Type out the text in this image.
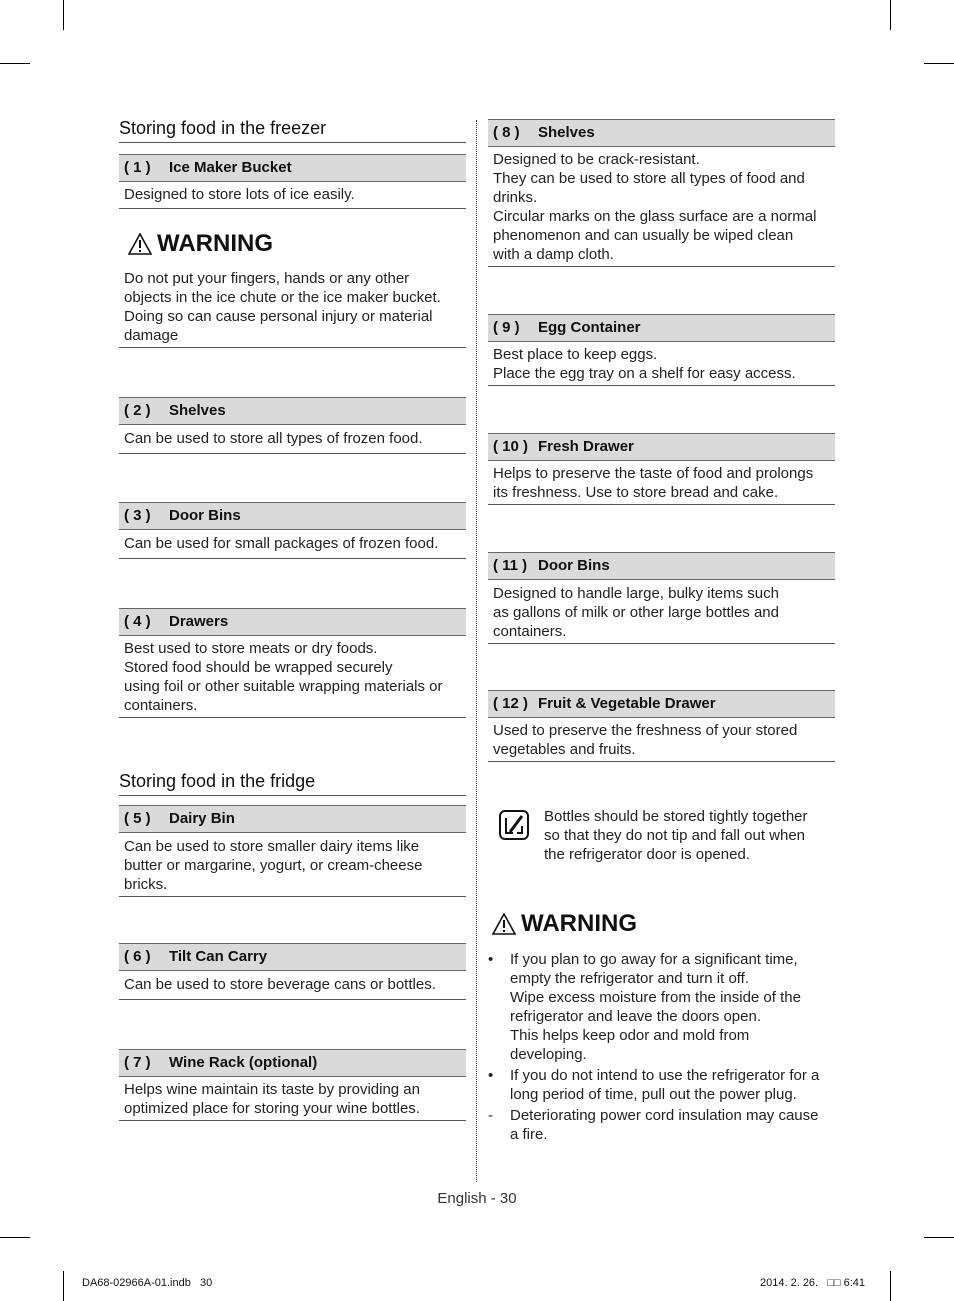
Storing food in the freezer
( 1 )	Ice Maker Bucket
Designed to store lots of ice easily.
WARNING
Do not put your fingers, hands or any other
objects in the ice chute or the ice maker bucket.
Doing so can cause personal injury or material
damage
( 2 )	Shelves
Can be used to store all types of frozen food.
( 3 )	Door Bins
Can be used for small packages of frozen food.
( 4 )	Drawers
Best used to store meats or dry foods.
Stored food should be wrapped securely
using foil or other suitable wrapping materials or
containers.
Storing food in the fridge
( 5 )	Dairy Bin
Can be used to store smaller dairy items like
butter or margarine, yogurt, or cream-cheese
bricks.
( 6 )	Tilt Can Carry
Can be used to store beverage cans or bottles.
( 7 )	Wine Rack (optional)
Helps wine maintain its taste by providing an
optimized place for storing your wine bottles.
( 8 )	Shelves
Designed to be crack-resistant.
They can be used to store all types of food and
drinks.
Circular marks on the glass surface are a normal
phenomenon and can usually be wiped clean
with a damp cloth.
( 9 )	Egg Container
Best place to keep eggs.
Place the egg tray on a shelf for easy access.
( 10 ) Fresh Drawer
Helps to preserve the taste of food and prolongs
its freshness. Use to store bread and cake.
( 11 ) Door Bins
Designed to handle large, bulky items such
as gallons of milk or other large bottles and
containers.
( 12 ) Fruit & Vegetable Drawer
Used to preserve the freshness of your stored
vegetables and fruits.
Bottles should be stored tightly together
so that they do not tip and fall out when
the refrigerator door is opened.
WARNING
• If you plan to go away for a significant time,
empty the refrigerator and turn it off.
Wipe excess moisture from the inside of the
refrigerator and leave the doors open.
This helps keep odor and mold from
developing.
• If you do not intend to use the refrigerator for a
long period of time, pull out the power plug.
- Deteriorating power cord insulation may cause
a fire.
English - 30
DA68-02966A-01.indb   30	2014. 2. 26.   □□ 6:41
